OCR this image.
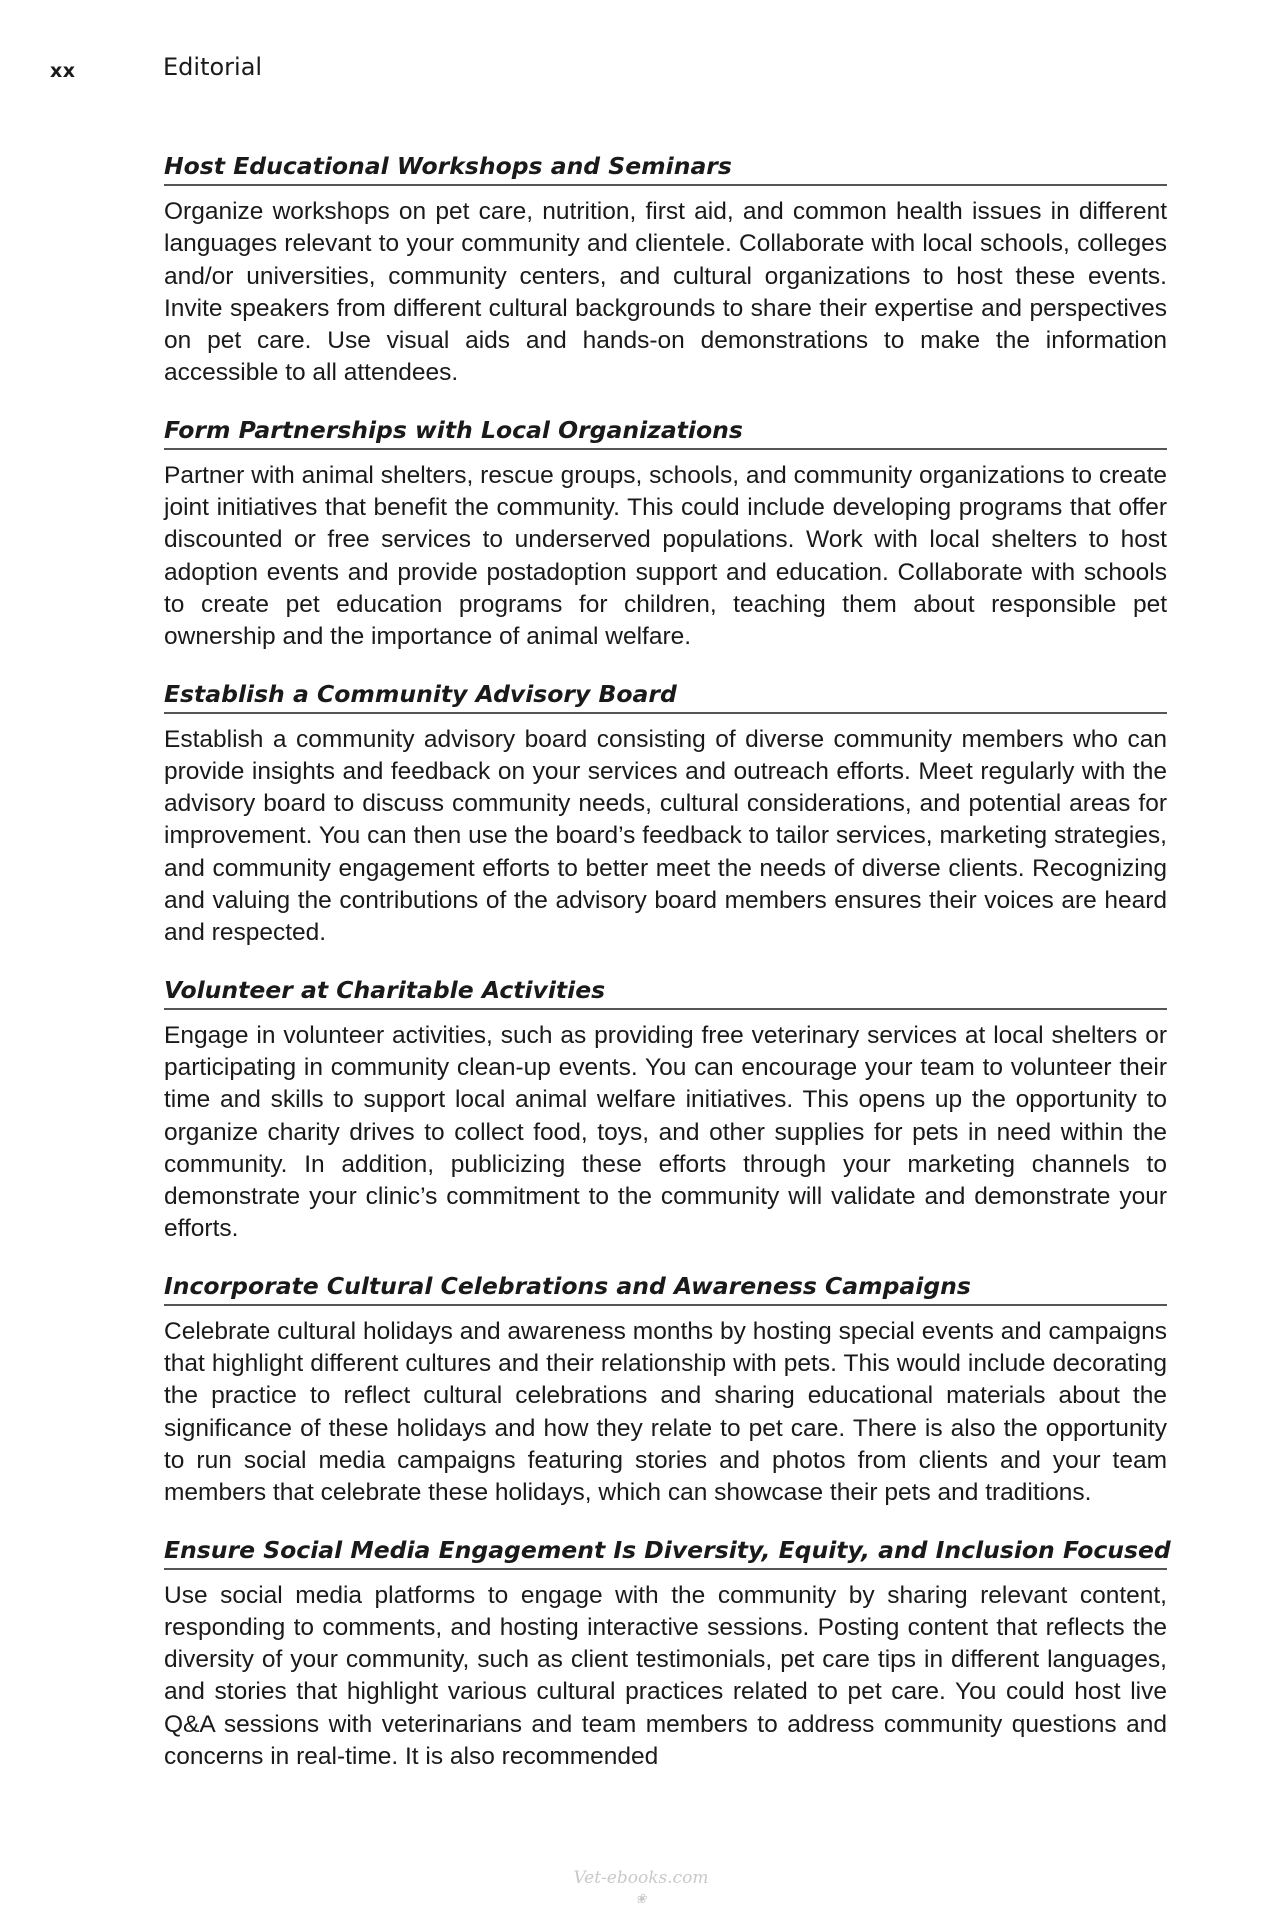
xx	Editorial
Host Educational Workshops and Seminars

Organize workshops on pet care, nutrition, first aid, and common health issues in different languages relevant to your community and clientele. Collaborate with local schools, colleges and/or universities, community centers, and cultural organizations to host these events. Invite speakers from different cultural backgrounds to share their expertise and perspectives on pet care. Use visual aids and hands-on demonstrations to make the information accessible to all attendees.

Form Partnerships with Local Organizations

Partner with animal shelters, rescue groups, schools, and community organizations to create joint initiatives that benefit the community. This could include developing programs that offer discounted or free services to underserved populations. Work with local shelters to host adoption events and provide postadoption support and education. Collaborate with schools to create pet education programs for children, teaching them about responsible pet ownership and the importance of animal welfare.

Establish a Community Advisory Board

Establish a community advisory board consisting of diverse community members who can provide insights and feedback on your services and outreach efforts. Meet regularly with the advisory board to discuss community needs, cultural considerations, and potential areas for improvement. You can then use the board’s feedback to tailor services, marketing strategies, and community engagement efforts to better meet the needs of diverse clients. Recognizing and valuing the contributions of the advisory board members ensures their voices are heard and respected.

Volunteer at Charitable Activities

Engage in volunteer activities, such as providing free veterinary services at local shelters or participating in community clean-up events. You can encourage your team to volunteer their time and skills to support local animal welfare initiatives. This opens up the opportunity to organize charity drives to collect food, toys, and other supplies for pets in need within the community. In addition, publicizing these efforts through your marketing channels to demonstrate your clinic’s commitment to the community will validate and demonstrate your efforts.

Incorporate Cultural Celebrations and Awareness Campaigns

Celebrate cultural holidays and awareness months by hosting special events and campaigns that highlight different cultures and their relationship with pets. This would include decorating the practice to reflect cultural celebrations and sharing educational materials about the significance of these holidays and how they relate to pet care. There is also the opportunity to run social media campaigns featuring stories and photos from clients and your team members that celebrate these holidays, which can showcase their pets and traditions.

Ensure Social Media Engagement Is Diversity, Equity, and Inclusion Focused

Use social media platforms to engage with the community by sharing relevant content, responding to comments, and hosting interactive sessions. Posting content that reflects the diversity of your community, such as client testimonials, pet care tips in different languages, and stories that highlight various cultural practices related to pet care. You could host live Q&A sessions with veterinarians and team members to address community questions and concerns in real-time. It is also recommended

Vet-ebooks.com ❀
